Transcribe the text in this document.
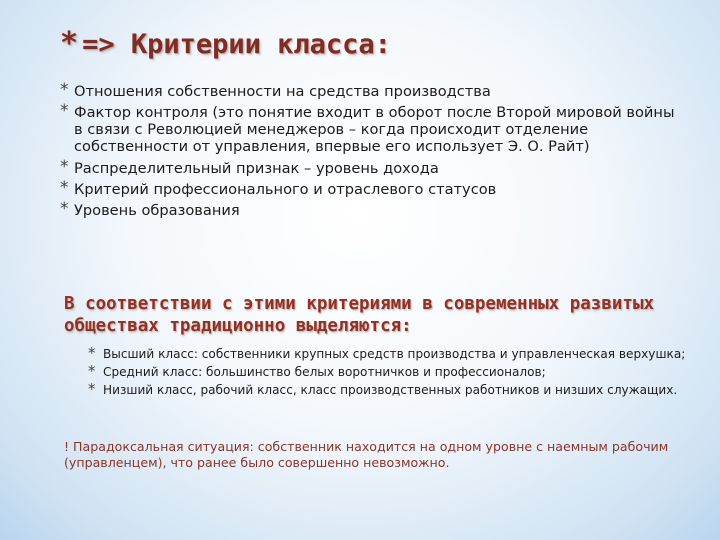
* => Критерии класса:
* Отношения собственности на средства производства
* Фактор контроля (это понятие входит в оборот после Второй мировой войны в связи с Революцией менеджеров – когда происходит отделение собственности от управления, впервые его использует Э. О. Райт)
* Распределительный признак – уровень дохода
* Критерий профессионального и отраслевого статусов
* Уровень образования
В соответствии с этими критериями в современных развитых обществах традиционно выделяются:
* Высший класс: собственники крупных средств производства и управленческая верхушка;
* Средний класс: большинство белых воротничков и профессионалов;
* Низший класс, рабочий класс, класс производственных работников и низших служащих.
! Парадоксальная ситуация: собственник находится на одном уровне с наемным рабочим (управленцем), что ранее было совершенно невозможно.
